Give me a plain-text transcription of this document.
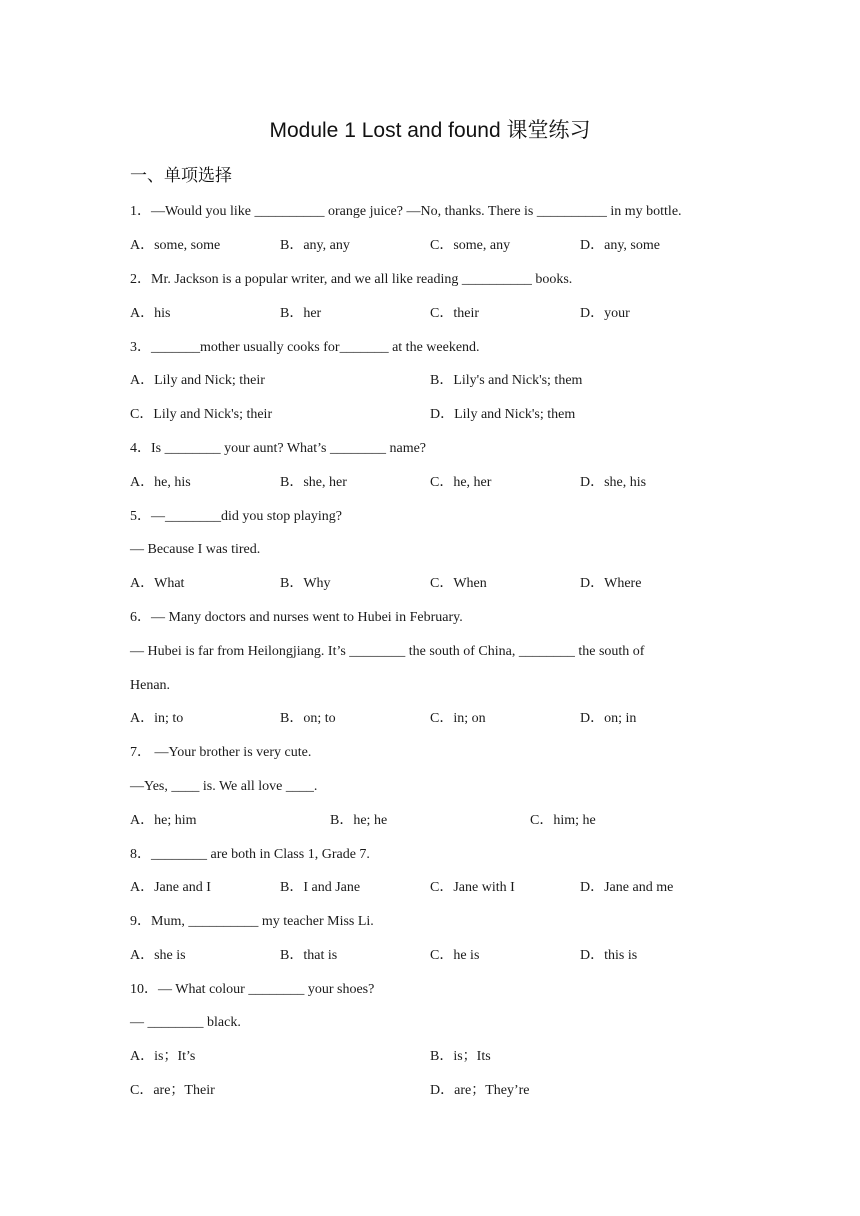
Module 1 Lost and found 课堂练习
一、单项选择
1．—Would you like __________ orange juice? —No, thanks. There is __________ in my bottle.
A．some, some	B．any, any	C．some, any	D．any, some
2．Mr. Jackson is a popular writer, and we all like reading __________ books.
A．his	B．her	C．their	D．your
3．_______mother usually cooks for_______ at the weekend.
A．Lily and Nick; their	B．Lily's and Nick's; them
C．Lily and Nick's; their	D．Lily and Nick's; them
4．Is ________ your aunt? What’s ________ name?
A．he, his	B．she, her	C．he, her	D．she, his
5．—________did you stop playing?
— Because I was tired.
A．What	B．Why	C．When	D．Where
6．— Many doctors and nurses went to Hubei in February.
— Hubei is far from Heilongjiang. It’s ________ the south of China, ________ the south of
Henan.
A．in; to	B．on; to	C．in; on	D．on; in
7． —Your brother is very cute.
—Yes, ____ is. We all love ____.
A．he; him	B．he; he	C．him; he
8．________ are both in Class 1, Grade 7.
A．Jane and I	B．I and Jane	C．Jane with I	D．Jane and me
9．Mum, __________ my teacher Miss Li.
A．she is	B．that is	C．he is	D．this is
10．— What colour ________ your shoes?
— ________ black.
A．is；It’s	B．is；Its
C．are；Their	D．are；They’re
